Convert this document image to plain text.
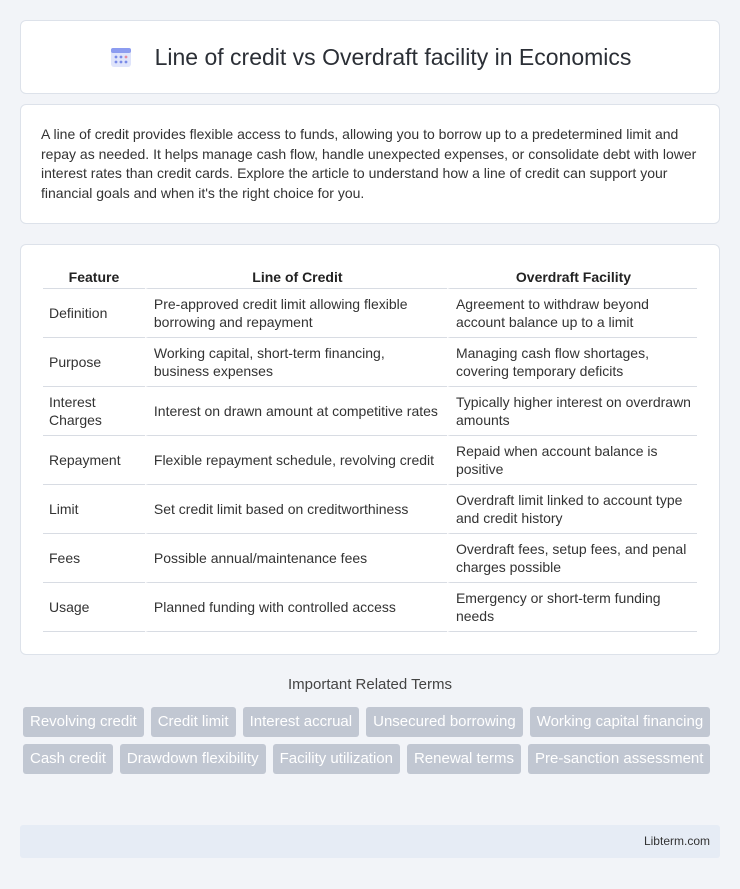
Line of credit vs Overdraft facility in Economics

A line of credit provides flexible access to funds, allowing you to borrow up to a predetermined limit and repay as needed. It helps manage cash flow, handle unexpected expenses, or consolidate debt with lower interest rates than credit cards. Explore the article to understand how a line of credit can support your financial goals and when it's the right choice for you.

Feature	Line of Credit	Overdraft Facility
Definition	Pre-approved credit limit allowing flexible borrowing and repayment	Agreement to withdraw beyond account balance up to a limit
Purpose	Working capital, short-term financing, business expenses	Managing cash flow shortages, covering temporary deficits
Interest Charges	Interest on drawn amount at competitive rates	Typically higher interest on overdrawn amounts
Repayment	Flexible repayment schedule, revolving credit	Repaid when account balance is positive
Limit	Set credit limit based on creditworthiness	Overdraft limit linked to account type and credit history
Fees	Possible annual/maintenance fees	Overdraft fees, setup fees, and penal charges possible
Usage	Planned funding with controlled access	Emergency or short-term funding needs
Important Related Terms
Revolving credit	Credit limit	Interest accrual	Unsecured borrowing	Working capital financing
Cash credit	Drawdown flexibility	Facility utilization	Renewal terms	Pre-sanction assessment
Libterm.com
